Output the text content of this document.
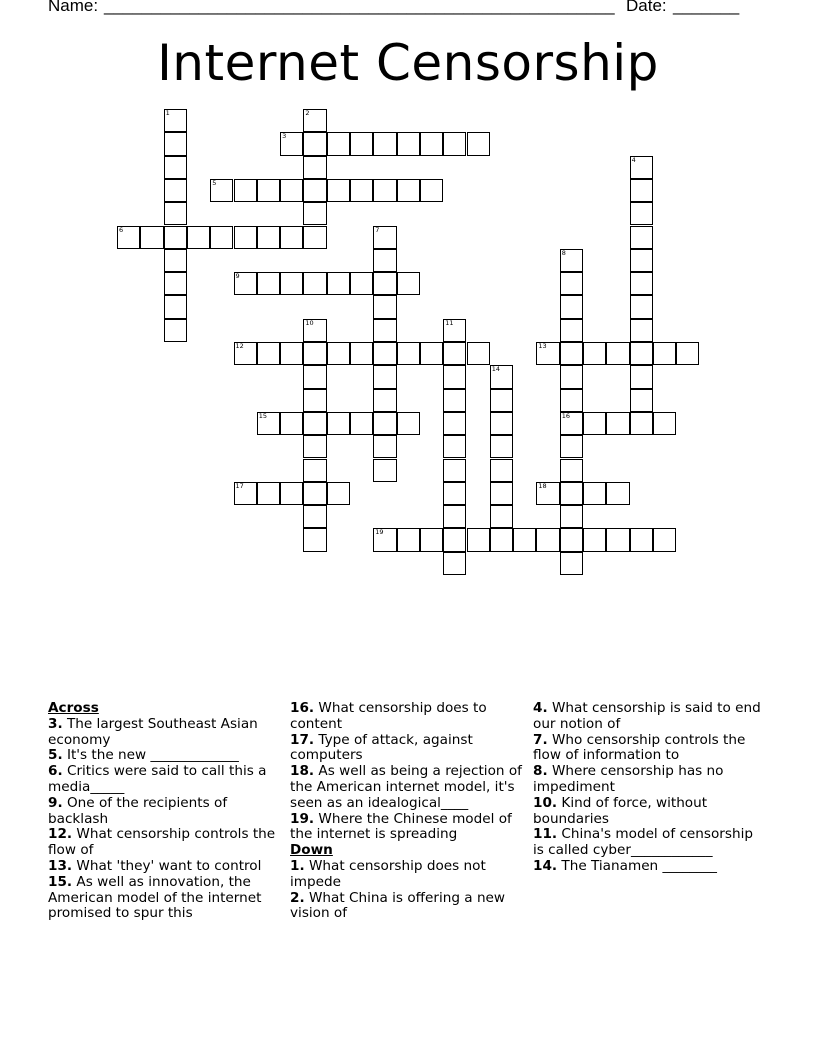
Name: ______________________________________________________ Date: _______
Internet Censorship
1	2
3
4
5
6	7
8
16
9
10	11
12	13
14
15
17	18
19
Across
3. The largest Southeast Asian economy
5. It's the new _____________
6. Critics were said to call this a media_____
9. One of the recipients of backlash
12. What censorship controls the flow of
13. What 'they' want to control
15. As well as innovation, the American model of the internet promised to spur this
16. What censorship does to content
17. Type of attack, against computers
18. As well as being a rejection of the American internet model, it's seen as an idealogical____
19. Where the Chinese model of the internet is spreading
Down
1. What censorship does not impede
2. What China is offering a new vision of
4. What censorship is said to end our notion of
7. Who censorship controls the flow of information to
8. Where censorship has no impediment
10. Kind of force, without boundaries
11. China's model of censorship is called cyber____________
14. The Tianamen ________
